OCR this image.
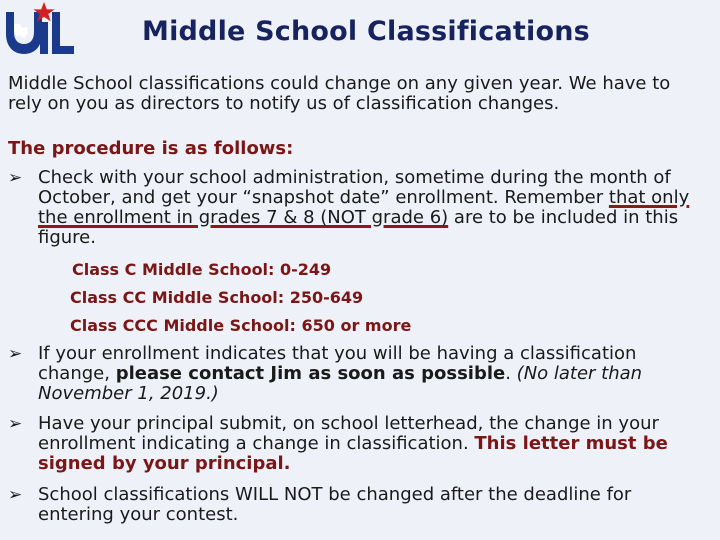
Middle School Classifications
Middle School classifications could change on any given year. We have to rely on you as directors to notify us of classification changes.
The procedure is as follows:
➢ Check with your school administration, sometime during the month of October, and get your “snapshot date” enrollment. Remember that only the enrollment in grades 7 & 8 (NOT grade 6) are to be included in this figure.
Class C Middle School: 0-249
Class CC Middle School: 250-649
Class CCC Middle School: 650 or more
➢ If your enrollment indicates that you will be having a classification change, please contact Jim as soon as possible. (No later than November 1, 2019.)
➢ Have your principal submit, on school letterhead, the change in your enrollment indicating a change in classification. This letter must be signed by your principal.
➢ School classifications WILL NOT be changed after the deadline for entering your contest.
